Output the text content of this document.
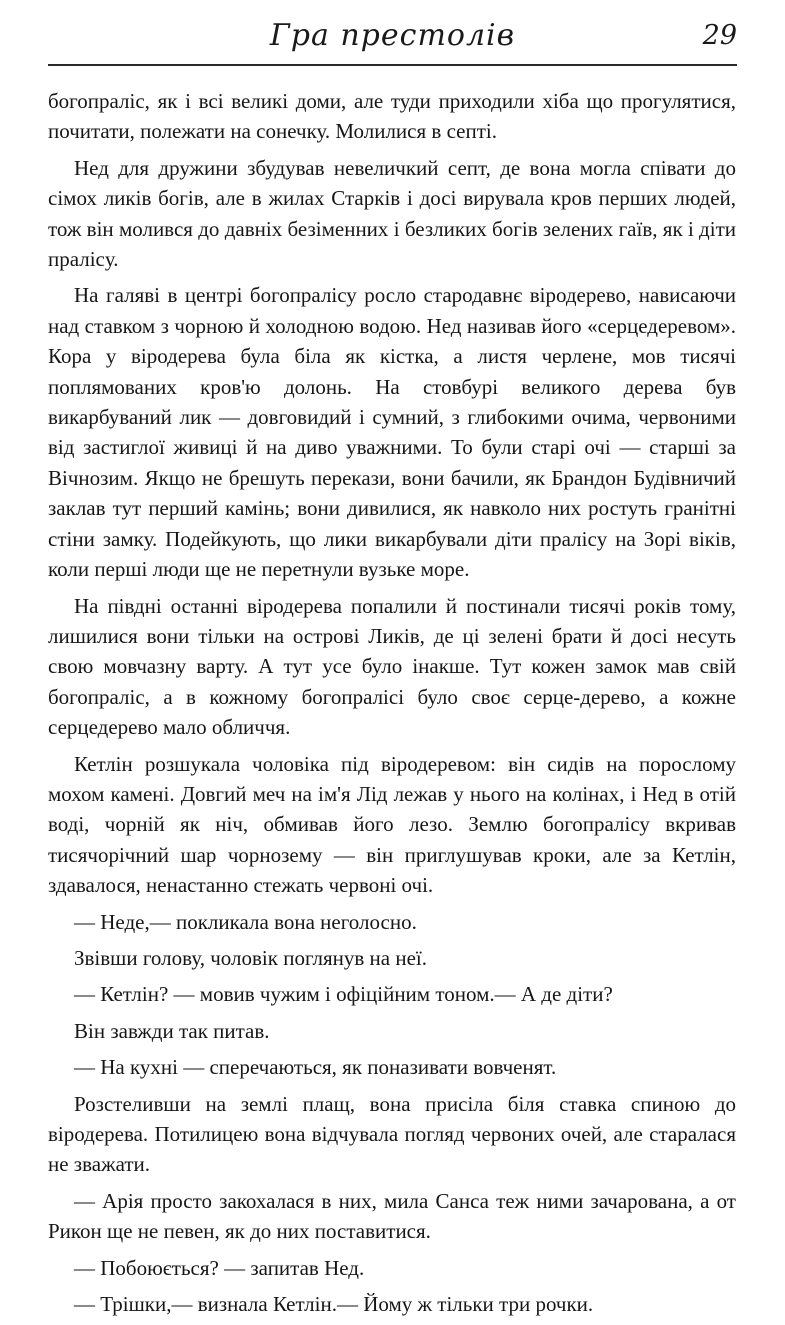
Гра престолів	29

богопраліс, як і всі великі доми, але туди приходили хіба що прогулятися, почитати, полежати на сонечку. Молилися в септі.

Нед для дружини збудував невеличкий септ, де вона могла співати до сімох ликів богів, але в жилах Старків і досі вирувала кров перших людей, тож він молився до давніх безіменних і безликих богів зелених гаїв, як і діти праліcу.

На галяві в центрі богопралісу росло стародавнє віродерево, нависаючи над ставком з чорною й холодною водою. Нед називав його «серцедеревом». Кора у віродерева була біла як кістка, а листя черлене, мов тисячі поплямованих кров'ю долонь. На стовбурі великого дерева був викарбуваний лик — довговидий і сумний, з глибокими очима, червоними від застиглої живиці й на диво уважними. То були старі очі — старші за Вічнозим. Якщо не брешуть перекази, вони бачили, як Брандон Будівничий заклав тут перший камінь; вони дивилися, як навколо них ростуть гранітні стіни замку. Подейкують, що лики викарбували діти праліcу на Зорі віків, коли перші люди ще не перетнули вузьке море.

На півдні останні віродерева попалили й постинали тисячі років тому, лишилися вони тільки на острові Ликів, де ці зелені брати й досі несуть свою мовчазну варту. А тут усе було інакше. Тут кожен замок мав свій богопраліс, а в кожному богопралісі було своє серце-дерево, а кожне серцедерево мало обличчя.

Кетлін розшукала чоловіка під віродеревом: він сидів на порослому мохом камені. Довгий меч на ім'я Лід лежав у нього на колінах, і Нед в отій воді, чорній як ніч, обмивав його лезо. Землю богопралісу вкривав тисячорічний шар чорнозему — він приглушував кроки, але за Кетлін, здавалося, ненастанно стежать червоні очі.

— Неде,— покликала вона неголосно.

Звівши голову, чоловік поглянув на неї.

— Кетлін? — мовив чужим і офіційним тоном.— А де діти?

Він завжди так питав.

— На кухні — сперечаються, як поназивати вовченят.

Розстеливши на землі плащ, вона присіла біля ставка спиною до віродерева. Потилицею вона відчувала погляд червоних очей, але старалася не зважати.

— Арія просто закохалася в них, мила Санса теж ними зачарована, а от Рикон ще не певен, як до них поставитися.

— Побоюється? — запитав Нед.

— Трішки,— визнала Кетлін.— Йому ж тільки три рочки.
